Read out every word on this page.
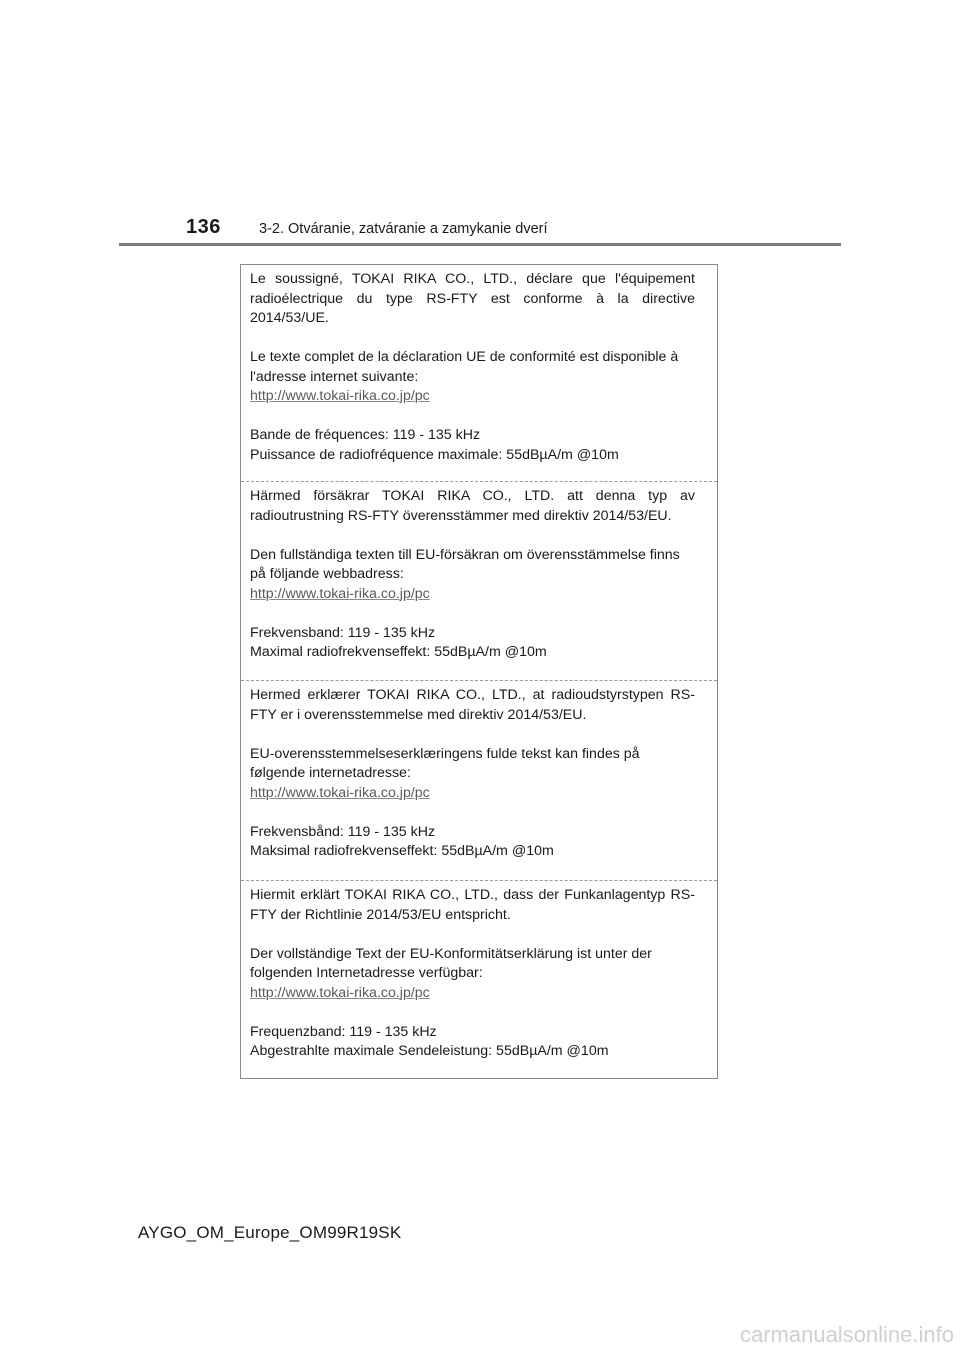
136	3-2. Otváranie, zatváranie a zamykanie dverí

Le soussigné, TOKAI RIKA CO., LTD., déclare que l'équipement radioélectrique du type RS-FTY est conforme à la directive 2014/53/UE.

Le texte complet de la déclaration UE de conformité est disponible à l'adresse internet suivante:

http://www.tokai-rika.co.jp/pc

Bande de fréquences: 119 - 135 kHz

Puissance de radiofréquence maximale: 55dBµA/m @10m

Härmed försäkrar TOKAI RIKA CO., LTD. att denna typ av radioutrustning RS-FTY överensstämmer med direktiv 2014/53/EU.

Den fullständiga texten till EU-försäkran om överensstämmelse finns på följande webbadress:

http://www.tokai-rika.co.jp/pc

Frekvensband: 119 - 135 kHz

Maximal radiofrekvenseffekt: 55dBµA/m @10m

Hermed erklærer TOKAI RIKA CO., LTD., at radioudstyrstypen RS-FTY er i overensstemmelse med direktiv 2014/53/EU.

EU-overensstemmelseserklæringens fulde tekst kan findes på følgende internetadresse:

http://www.tokai-rika.co.jp/pc

Frekvensbånd: 119 - 135 kHz

Maksimal radiofrekvenseffekt: 55dBµA/m @10m

Hiermit erklärt TOKAI RIKA CO., LTD., dass der Funkanlagentyp RS-FTY der Richtlinie 2014/53/EU entspricht.

Der vollständige Text der EU-Konformitätserklärung ist unter der folgenden Internetadresse verfügbar:

http://www.tokai-rika.co.jp/pc

Frequenzband: 119 - 135 kHz

Abgestrahlte maximale Sendeleistung: 55dBµA/m @10m

AYGO_OM_Europe_OM99R19SK
carmanualsonline.info
